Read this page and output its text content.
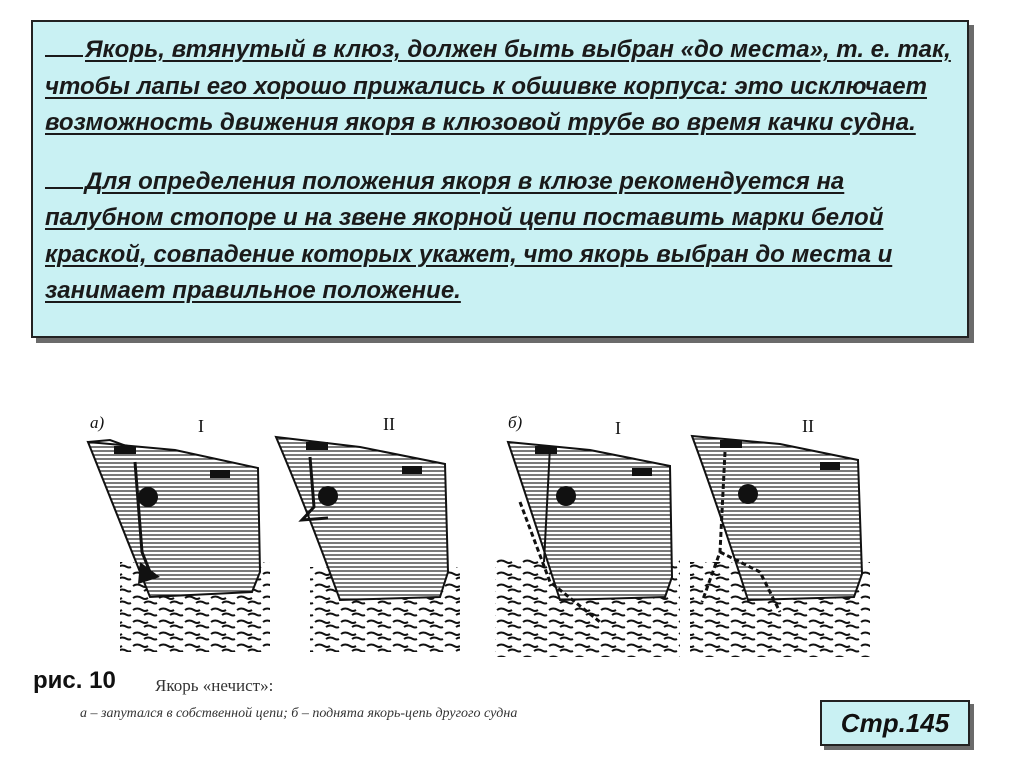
Якорь, втянутый в клюз, должен быть выбран «до места», т. е. так, чтобы лапы его хорошо прижались к обшивке корпуса: это исключает возможность движения якоря в клюзовой трубе во время качки судна.

Для определения положения якоря в клюзе рекомендуется на палубном стопоре и на звене якорной цепи поставить марки белой краской, совпадение которых укажет, что якорь выбран до места и занимает правильное положение.

а)	I	II	б)	I	II
рис. 10 Якорь «нечист»:
а – запутался в собственной цепи; б – поднята якорь-цепь другого судна	Стр.145
